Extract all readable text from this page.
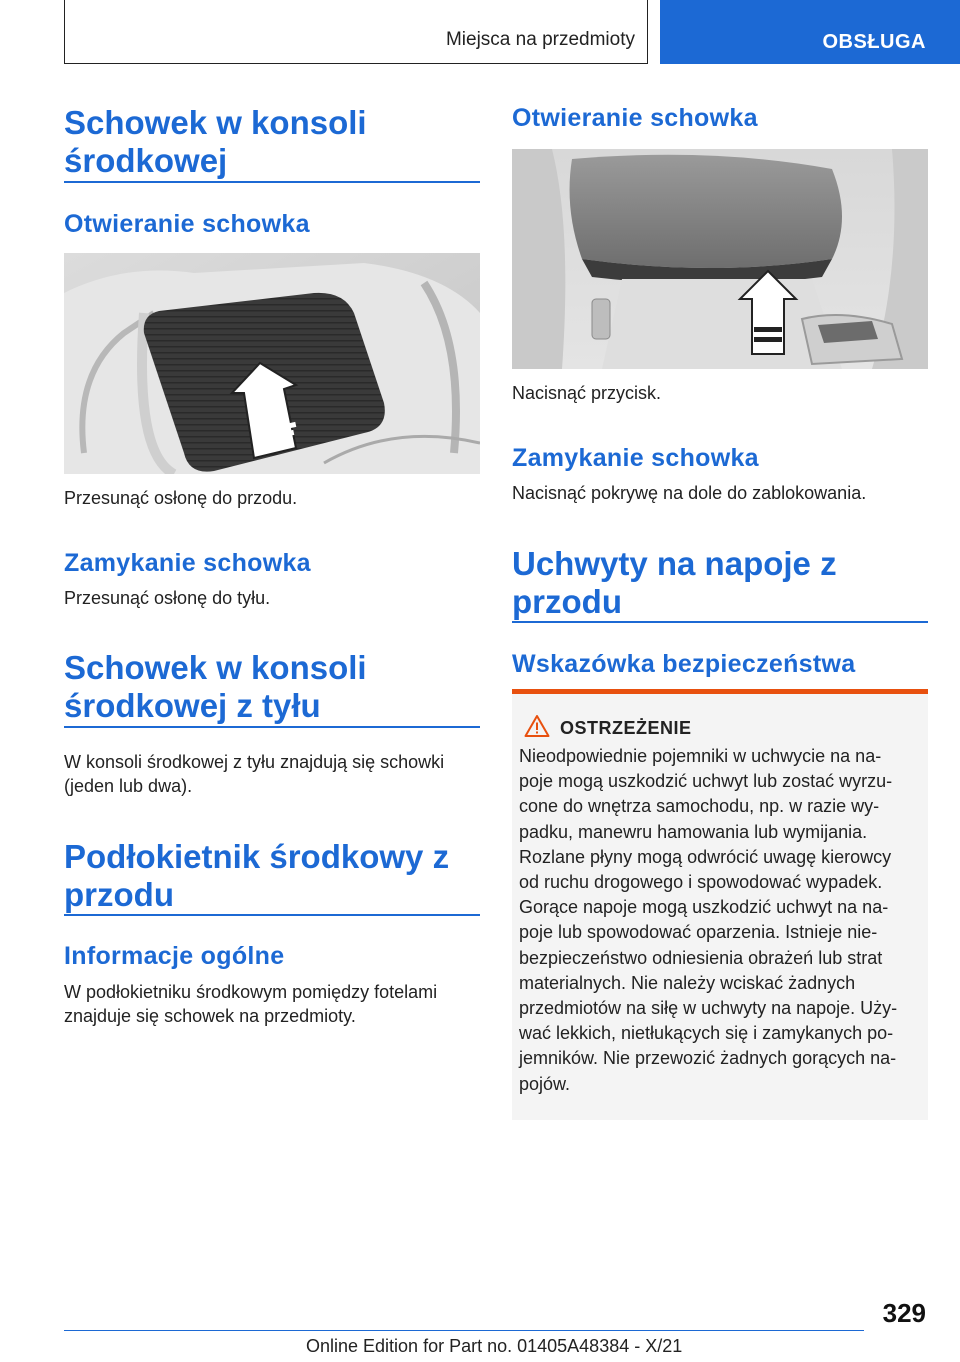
Miejsca na przedmioty	OBSŁUGA
Schowek w konsoli
środkowej
Otwieranie schowka

Przesunąć osłonę do przodu.

Zamykanie schowka

Przesunąć osłonę do tyłu.

Schowek w konsoli
środkowej z tyłu

W konsoli środkowej z tyłu znajdują się schowki
(jeden lub dwa).

Podłokietnik środkowy z
przodu
Informacje ogólne

W podłokietniku środkowym pomiędzy fotelami
znajduje się schowek na przedmioty.

Otwieranie schowka

Nacisnąć przycisk.

Zamykanie schowka

Nacisnąć pokrywę na dole do zablokowania.

Uchwyty na napoje z
przodu
Wskazówka bezpieczeństwa
OSTRZEŻENIE
Nieodpowiednie pojemniki w uchwycie na na-
poje mogą uszkodzić uchwyt lub zostać wyrzu-
cone do wnętrza samochodu, np. w razie wy-
padku, manewru hamowania lub wymijania.
Rozlane płyny mogą odwrócić uwagę kierowcy
od ruchu drogowego i spowodować wypadek.
Gorące napoje mogą uszkodzić uchwyt na na-
poje lub spowodować oparzenia. Istnieje nie-
bezpieczeństwo odniesienia obrażeń lub strat
materialnych. Nie należy wciskać żadnych
przedmiotów na siłę w uchwyty na napoje. Uży-
wać lekkich, nietłukących się i zamykanych po-
jemników. Nie przewozić żadnych gorących na-
pojów.
329
Online Edition for Part no. 01405A48384 - X/21
